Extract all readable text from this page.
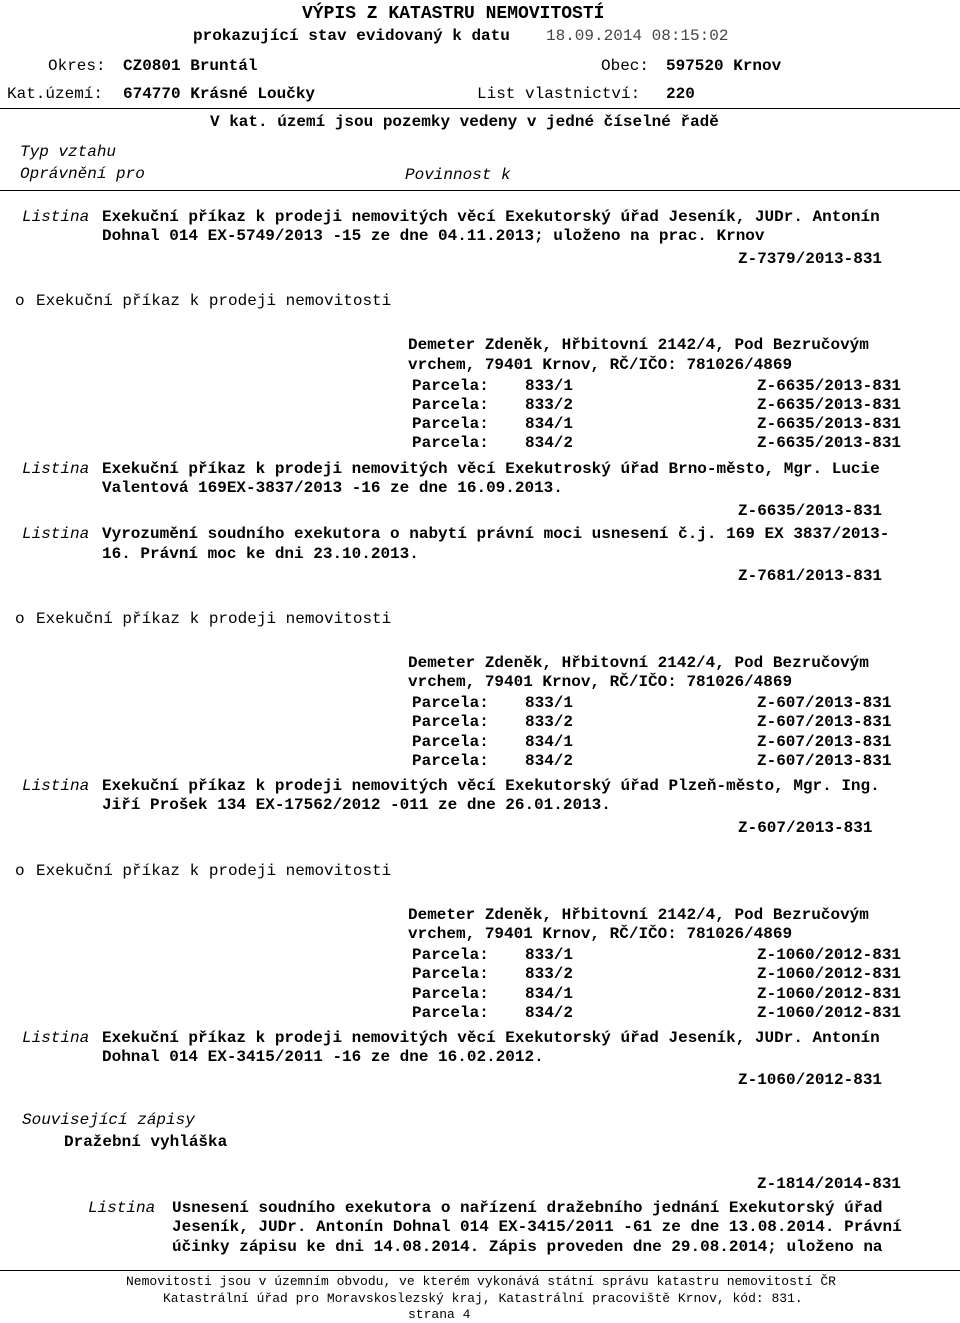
VÝPIS Z KATASTRU NEMOVITOSTÍ
prokazující stav evidovaný k datu 18.09.2014 08:15:02
Okres: CZ0801 Bruntál	Obec: 597520 Krnov
Kat.území: 674770 Krásné Loučky	List vlastnictví: 220
V kat. území jsou pozemky vedeny v jedné číselné řadě
Typ vztahu
Oprávnění pro	Povinnost k
Listina Exekuční příkaz k prodeji nemovitých věcí Exekutorský úřad Jeseník, JUDr. Antonín
Dohnal 014 EX-5749/2013 -15 ze dne 04.11.2013; uloženo na prac. Krnov
Z-7379/2013-831
o Exekuční příkaz k prodeji nemovitosti
Demeter Zdeněk, Hřbitovní 2142/4, Pod Bezručovým
vrchem, 79401 Krnov, RČ/IČO: 781026/4869
Parcela: 833/1	Z-6635/2013-831
Parcela: 833/2	Z-6635/2013-831
Parcela: 834/1	Z-6635/2013-831
Parcela: 834/2	Z-6635/2013-831
Listina Exekuční příkaz k prodeji nemovitých věcí Exekutroský úřad Brno-město, Mgr. Lucie
Valentová 169EX-3837/2013 -16 ze dne 16.09.2013.
Z-6635/2013-831
Listina Vyrozumění soudního exekutora o nabytí právní moci usnesení č.j. 169 EX 3837/2013-
16. Právní moc ke dni 23.10.2013.
Z-7681/2013-831
o Exekuční příkaz k prodeji nemovitosti
Demeter Zdeněk, Hřbitovní 2142/4, Pod Bezručovým
vrchem, 79401 Krnov, RČ/IČO: 781026/4869
Parcela: 833/1	Z-607/2013-831
Parcela: 833/2	Z-607/2013-831
Parcela: 834/1	Z-607/2013-831
Parcela: 834/2	Z-607/2013-831
Listina Exekuční příkaz k prodeji nemovitých věcí Exekutorský úřad Plzeň-město, Mgr. Ing.
Jiří Prošek 134 EX-17562/2012 -011 ze dne 26.01.2013.
Z-607/2013-831
o Exekuční příkaz k prodeji nemovitosti
Demeter Zdeněk, Hřbitovní 2142/4, Pod Bezručovým
vrchem, 79401 Krnov, RČ/IČO: 781026/4869
Parcela: 833/1	Z-1060/2012-831
Parcela: 833/2	Z-1060/2012-831
Parcela: 834/1	Z-1060/2012-831
Parcela: 834/2	Z-1060/2012-831
Listina Exekuční příkaz k prodeji nemovitých věcí Exekutorský úřad Jeseník, JUDr. Antonín
Dohnal 014 EX-3415/2011 -16 ze dne 16.02.2012.
Z-1060/2012-831
Související zápisy
Dražební vyhláška
Z-1814/2014-831
Listina Usnesení soudního exekutora o nařízení dražebního jednání Exekutorský úřad
Jeseník, JUDr. Antonín Dohnal 014 EX-3415/2011 -61 ze dne 13.08.2014. Právní
účinky zápisu ke dni 14.08.2014. Zápis proveden dne 29.08.2014; uloženo na
Nemovitosti jsou v územním obvodu, ve kterém vykonává státní správu katastru nemovitostí ČR
Katastrální úřad pro Moravskoslezský kraj, Katastrální pracoviště Krnov, kód: 831.
strana 4
